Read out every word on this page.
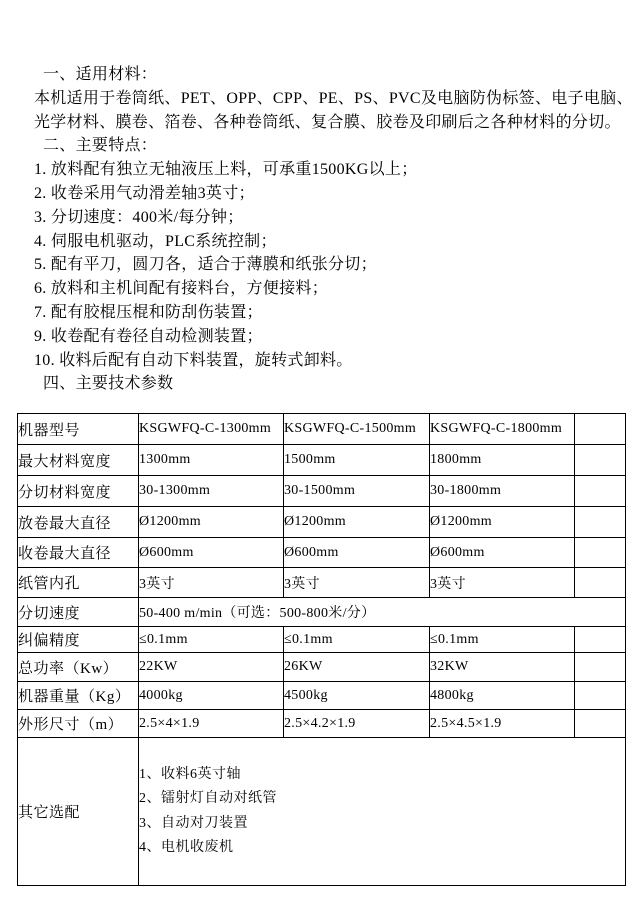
一、适用材料：
本机适用于卷筒纸、PET、OPP、CPP、PE、PS、PVC及电脑防伪标签、电子电脑、
光学材料、膜卷、箔卷、各种卷筒纸、复合膜、胶卷及印刷后之各种材料的分切。
二、主要特点：
1. 放料配有独立无轴液压上料，可承重1500KG以上；
2. 收卷采用气动滑差轴3英寸；
3. 分切速度：400米/每分钟；
4. 伺服电机驱动，PLC系统控制；
5. 配有平刀，圆刀各，适合于薄膜和纸张分切；
6. 放料和主机间配有接料台，方便接料；
7. 配有胶棍压棍和防刮伤装置；
9. 收卷配有卷径自动检测装置；
10. 收料后配有自动下料装置，旋转式卸料。
四、主要技术参数
机器型号	KSGWFQ-C-1300mm	KSGWFQ-C-1500mm	KSGWFQ-C-1800mm	
最大材料宽度	1300mm	1500mm	1800mm	
分切材料宽度	30-1300mm	30-1500mm	30-1800mm	
放卷最大直径	Ø1200mm	Ø1200mm	Ø1200mm	
收卷最大直径	Ø600mm	Ø600mm	Ø600mm	
纸管内孔	3英寸	3英寸	3英寸	
分切速度	50-400 m/min（可选：500-800米/分）			
纠偏精度	≤0.1mm	≤0.1mm	≤0.1mm	
总功率（Kw）	22KW	26KW	32KW	
机器重量（Kg）	4000kg	4500kg	4800kg	
外形尺寸（m）	2.5×4×1.9	2.5×4.2×1.9	2.5×4.5×1.9	
其它选配	1、收料6英寸轴
2、镭射灯自动对纸管
3、自动对刀装置
4、电机收废机			
